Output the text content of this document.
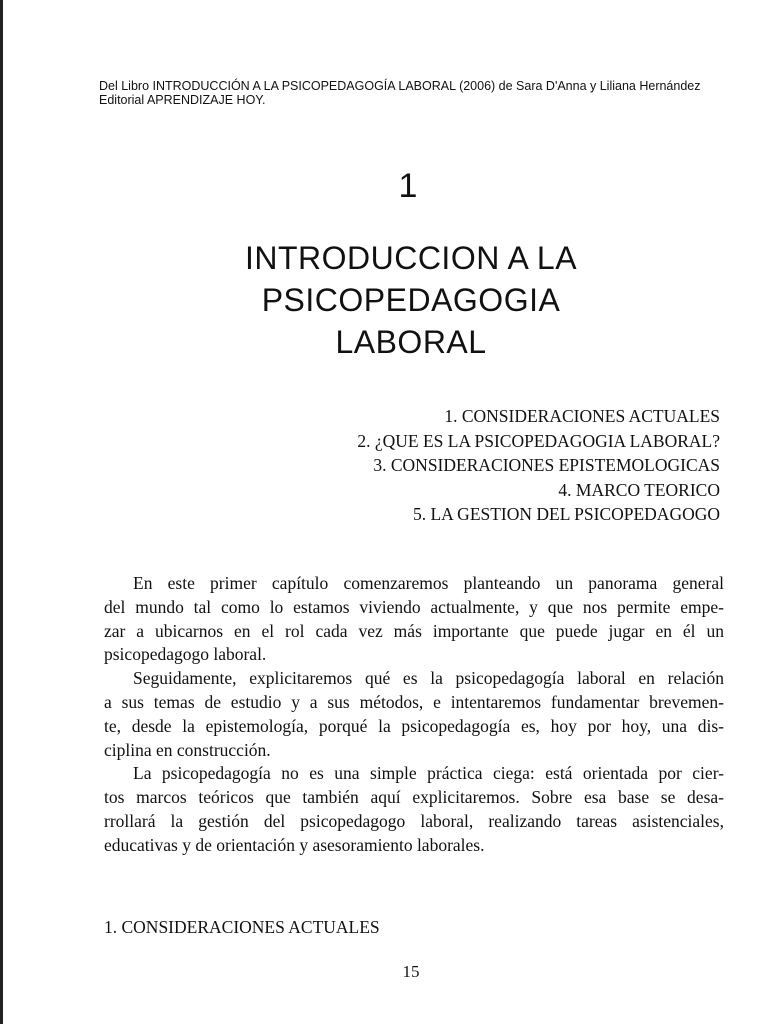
Del Libro INTRODUCCIÓN A LA PSICOPEDAGOGÍA LABORAL (2006) de Sara D'Anna y Liliana Hernández
Editorial APRENDIZAJE HOY.
1
INTRODUCCION A LA
PSICOPEDAGOGIA
LABORAL
1. CONSIDERACIONES ACTUALES
2. ¿QUE ES LA PSICOPEDAGOGIA LABORAL?
3. CONSIDERACIONES EPISTEMOLOGICAS
4. MARCO TEORICO
5. LA GESTION DEL PSICOPEDAGOGO
En este primer capítulo comenzaremos planteando un panorama general
del mundo tal como lo estamos viviendo actualmente, y que nos permite empe-
zar a ubicarnos en el rol cada vez más importante que puede jugar en él un
psicopedagogo laboral.
Seguidamente, explicitaremos qué es la psicopedagogía laboral en relación
a sus temas de estudio y a sus métodos, e intentaremos fundamentar brevemen-
te, desde la epistemología, porqué la psicopedagogía es, hoy por hoy, una dis-
ciplina en construcción.
La psicopedagogía no es una simple práctica ciega: está orientada por cier-
tos marcos teóricos que también aquí explicitaremos. Sobre esa base se desa-
rrollará la gestión del psicopedagogo laboral, realizando tareas asistenciales,
educativas y de orientación y asesoramiento laborales.
1. CONSIDERACIONES ACTUALES
15
